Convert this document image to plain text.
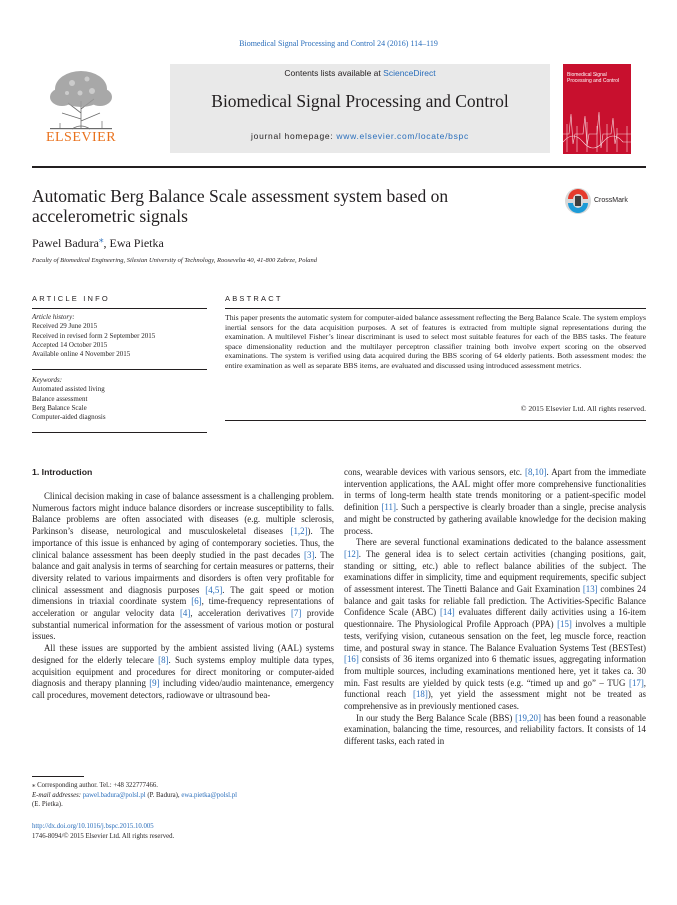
Biomedical Signal Processing and Control 24 (2016) 114–119
Contents lists available at ScienceDirect
Biomedical Signal Processing and Control
journal homepage: www.elsevier.com/locate/bspc
ELSEVIER
Biomedical Signal Processing and Control
Automatic Berg Balance Scale assessment system based on
accelerometric signals
CrossMark
Pawel Badura⁎, Ewa Pietka
Faculty of Biomedical Engineering, Silesian University of Technology, Roosevelta 40, 41-800 Zabrze, Poland
ARTICLE INFO	ABSTRACT
Article history:
Received 29 June 2015
Received in revised form 2 September 2015
Accepted 14 October 2015
Available online 4 November 2015
Keywords:
Automated assisted living
Balance assessment
Berg Balance Scale
Computer-aided diagnosis
This paper presents the automatic system for computer-aided balance assessment reflecting the Berg Balance Scale. The system employs inertial sensors for the data acquisition purposes. A set of features is extracted from multiple signal representations during the examination. A multilevel Fisher’s linear discriminant is used to select most suitable features for each of the BBS tasks. The feature space dimensionality reduction and the multilayer perceptron classifier training both involve expert scoring on the observed examinations. The system is verified using data acquired during the BBS scoring of 64 elderly patients. Both assessment modes: the entire examination as well as separate BBS items, are evaluated and discussed using introduced assessment metrics.
© 2015 Elsevier Ltd. All rights reserved.
1. Introduction

Clinical decision making in case of balance assessment is a challenging problem. Numerous factors might induce balance disorders or increase susceptibility to falls. Balance problems are often associated with diseases (e.g. multiple sclerosis, Parkinson’s disease, neurological and musculoskeletal diseases [1,2]). The importance of this issue is enhanced by aging of contemporary societies. Thus, the clinical balance assessment has been deeply studied in the past decades [3]. The balance and gait analysis in terms of searching for certain measures or patterns, their diversity related to various impairments and disorders is often very profitable for clinical assessment and diagnosis purposes [4,5]. The gait speed or motion dimensions in triaxial coordinate system [6], time-frequency representations of acceleration or angular velocity data [4], acceleration derivatives [7] provide substantial numerical information for the assessment of various motion or postural issues.

All these issues are supported by the ambient assisted living (AAL) systems designed for the elderly telecare [8]. Such systems employ multiple data types, acquisition equipment and procedures for direct monitoring or computer-aided diagnosis and therapy planning [9] including video/audio maintenance, emergency call procedures, movement detectors, radiowave or ultrasound bea-

cons, wearable devices with various sensors, etc. [8,10]. Apart from the immediate intervention applications, the AAL might offer more comprehensive functionalities in terms of long-term health state trends monitoring or a patient-specific model definition [11]. Such a perspective is clearly broader than a single, precise analysis and might be constructed by gathering available knowledge for the decision making process.

There are several functional examinations dedicated to the balance assessment [12]. The general idea is to select certain activities (changing positions, gait, standing or sitting, etc.) able to reflect balance abilities of the subject. The examinations differ in simplicity, time and equipment requirements, specific subject of assessment interest. The Tinetti Balance and Gait Examination [13] combines 24 balance and gait tasks for reliable fall prediction. The Activities-Specific Balance Confidence Scale (ABC) [14] evaluates different daily activities using a 16-item questionnaire. The Physiological Profile Approach (PPA) [15] involves a multiple tests, verifying vision, cutaneous sensation on the feet, leg muscle force, reaction time, and postural sway in stance. The Balance Evaluation Systems Test (BESTest) [16] consists of 36 items organized into 6 thematic issues, aggregating information from multiple sources, including examinations mentioned here, yet it takes ca. 30 min. Fast results are yielded by quick tests (e.g. “timed up and go” – TUG [17], functional reach [18]), yet yield the assessment might not be treated as comprehensive as in previously mentioned cases.

In our study the Berg Balance Scale (BBS) [19,20] has been found a reasonable examination, balancing the time, resources, and reliability factors. It consists of 14 different tasks, each rated in

⁎ Corresponding author. Tel.: +48 322777466.
E-mail addresses: pawel.badura@polsl.pl (P. Badura), ewa.pietka@polsl.pl
(E. Pietka).
http://dx.doi.org/10.1016/j.bspc.2015.10.005
1746-8094/© 2015 Elsevier Ltd. All rights reserved.
